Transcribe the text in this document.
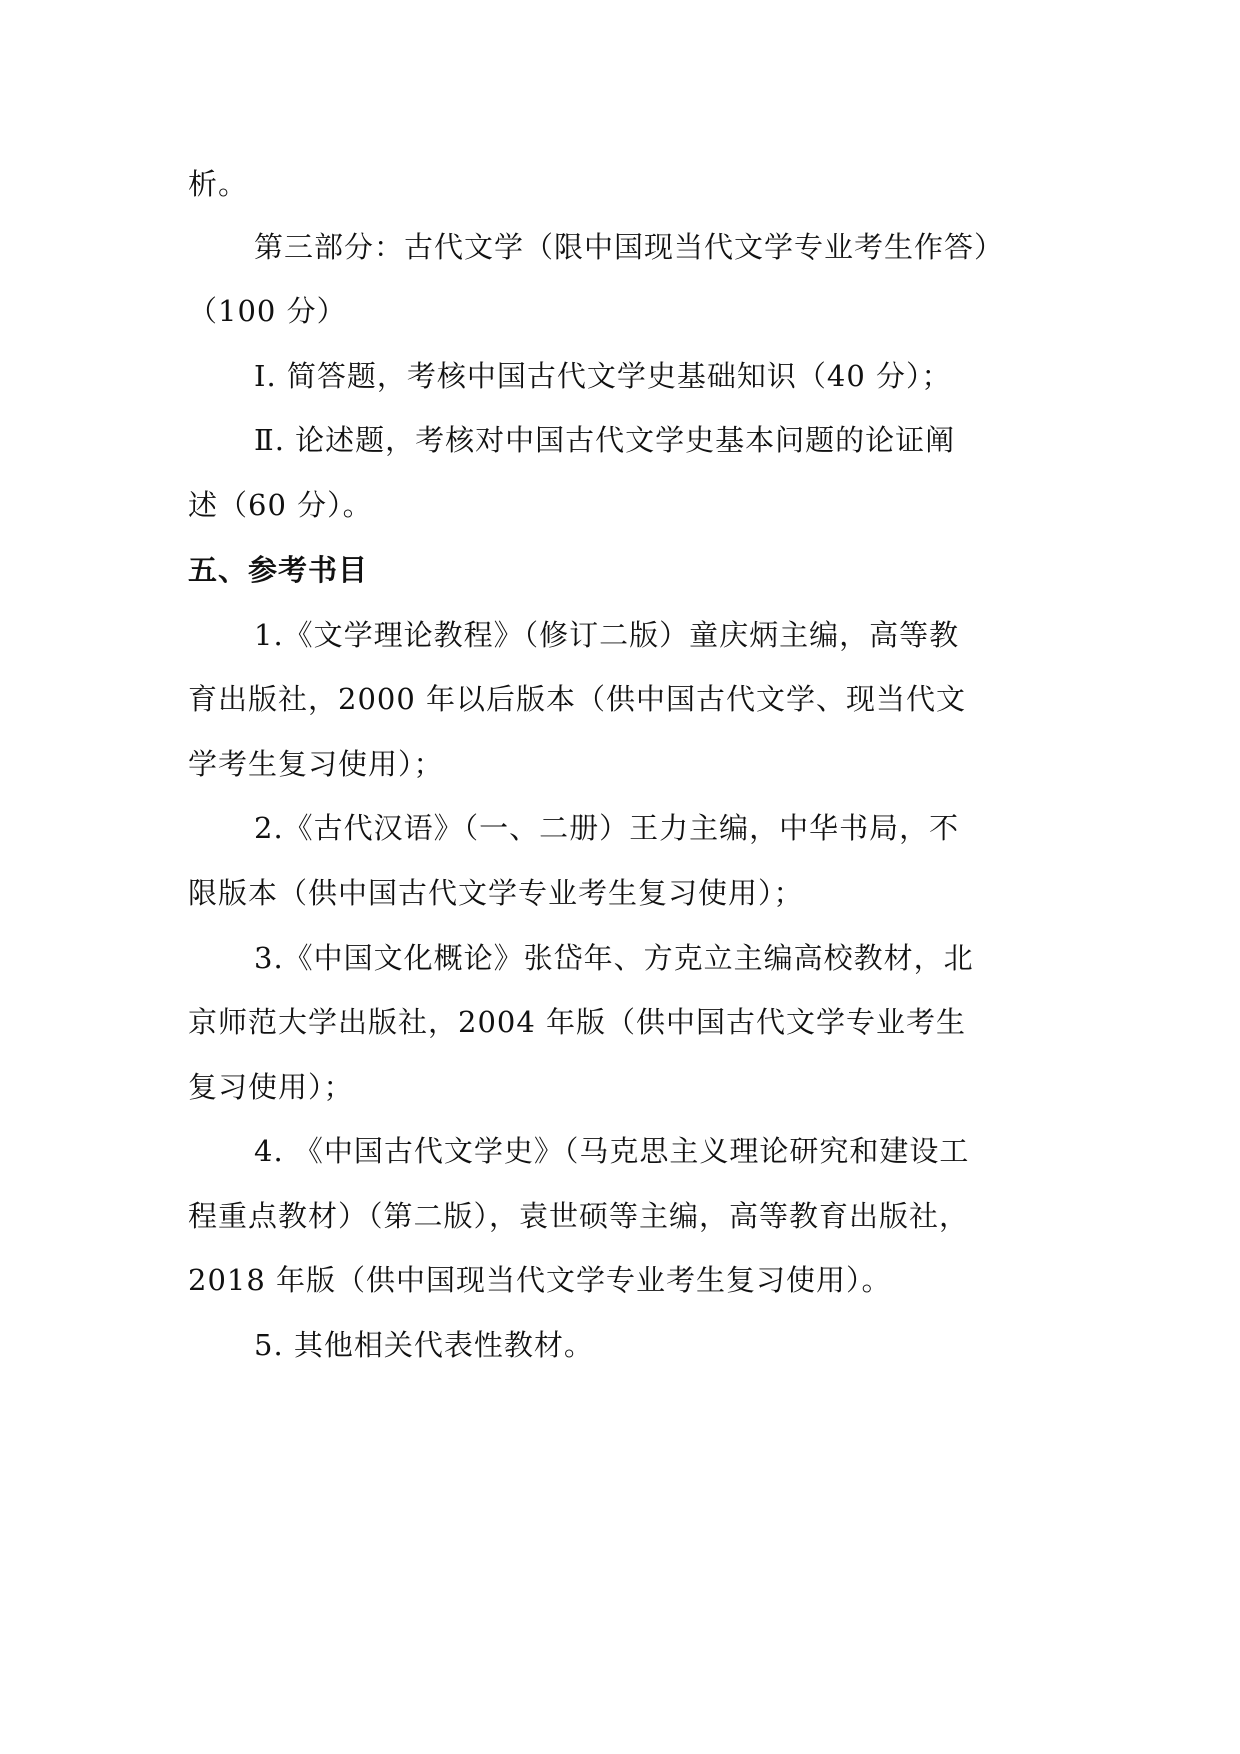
析。
第三部分：古代文学（限中国现当代文学专业考生作答）
（100 分）
Ⅰ. 简答题，考核中国古代文学史基础知识（40 分）；
Ⅱ. 论述题，考核对中国古代文学史基本问题的论证阐
述（60 分）。
五、参考书目
1.《文学理论教程》（修订二版）童庆炳主编，高等教
育出版社，2000 年以后版本（供中国古代文学、现当代文
学考生复习使用）；
2.《古代汉语》（一、二册）王力主编，中华书局，不
限版本（供中国古代文学专业考生复习使用）；
3.《中国文化概论》张岱年、方克立主编高校教材，北
京师范大学出版社，2004 年版（供中国古代文学专业考生
复习使用）；
4. 《中国古代文学史》（马克思主义理论研究和建设工
程重点教材）（第二版），袁世硕等主编，高等教育出版社，
2018 年版（供中国现当代文学专业考生复习使用）。
5. 其他相关代表性教材。
